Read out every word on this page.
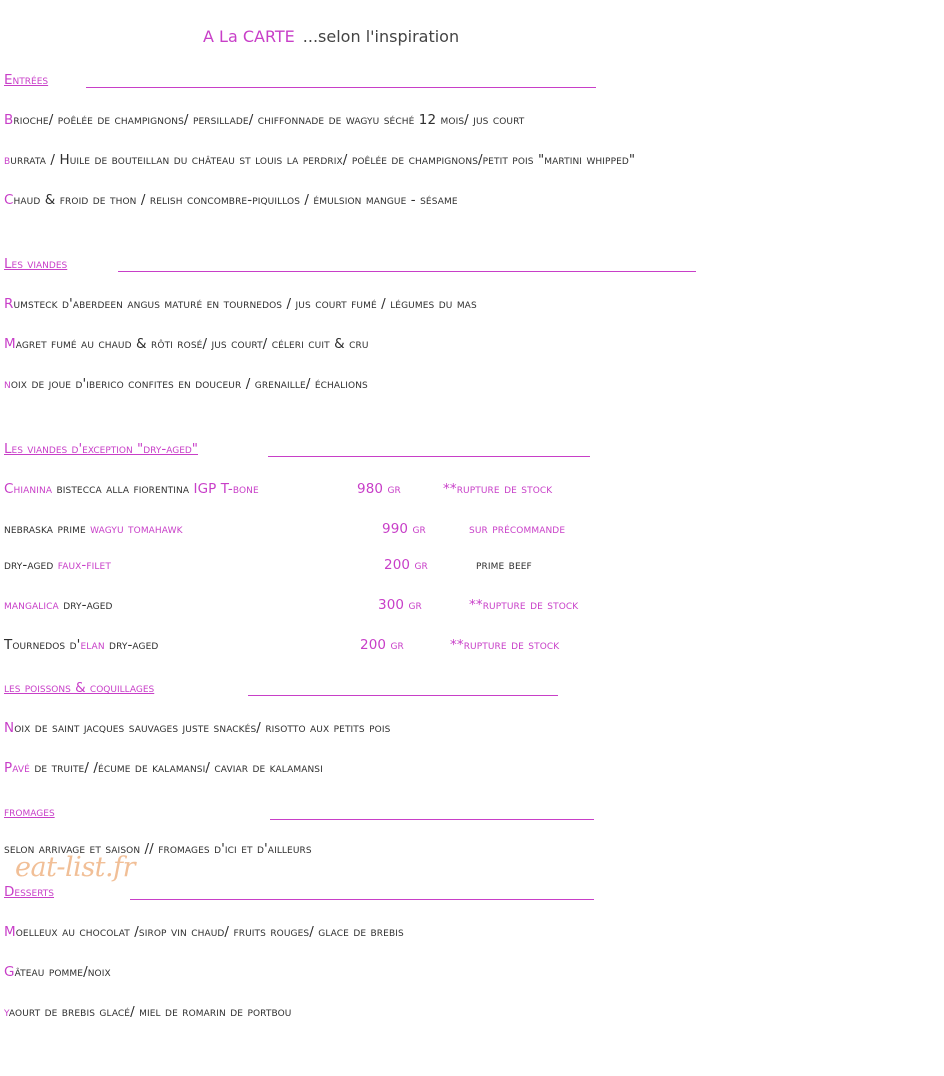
A La CARTE ...selon l'inspiration
Entrées
Brioche/ poêlée de champignons/ persillade/ chiffonnade de wagyu séché 12 mois/ jus court
burrata / Huile de bouteillan du château st louis la perdrix/ poêlée de champignons/petit pois "martini whipped"
Chaud & froid de thon / relish concombre-piquillos / émulsion mangue - sésame
Les viandes
Rumsteck d'aberdeen angus maturé en tournedos / jus court fumé / légumes du mas
Magret fumé au chaud & rôti rosé/ jus court/ céleri cuit & cru
noix de joue d'iberico confites en douceur / grenaille/ échalions
Les viandes d'exception "dry-aged"
Chianina bistecca alla fiorentina IGP T-bone	980 gr	**rupture de stock
nebraska prime wagyu tomahawk	990 gr	sur précommande
dry-aged faux-filet	200 gr	prime beef
mangalica dry-aged	300 gr	**rupture de stock
Tournedos d'elan dry-aged	200 gr	**rupture de stock
les poissons & coquillages
Noix de saint jacques sauvages juste snackés/ risotto aux petits pois
Pavé de truite/ /écume de kalamansi/ caviar de kalamansi
fromages
selon arrivage et saison // fromages d'ici et d'ailleurs
eat-list.fr
Desserts
Moelleux au chocolat /sirop vin chaud/ fruits rouges/ glace de brebis
Gâteau pomme/noix
yaourt de brebis glacé/ miel de romarin de portbou
